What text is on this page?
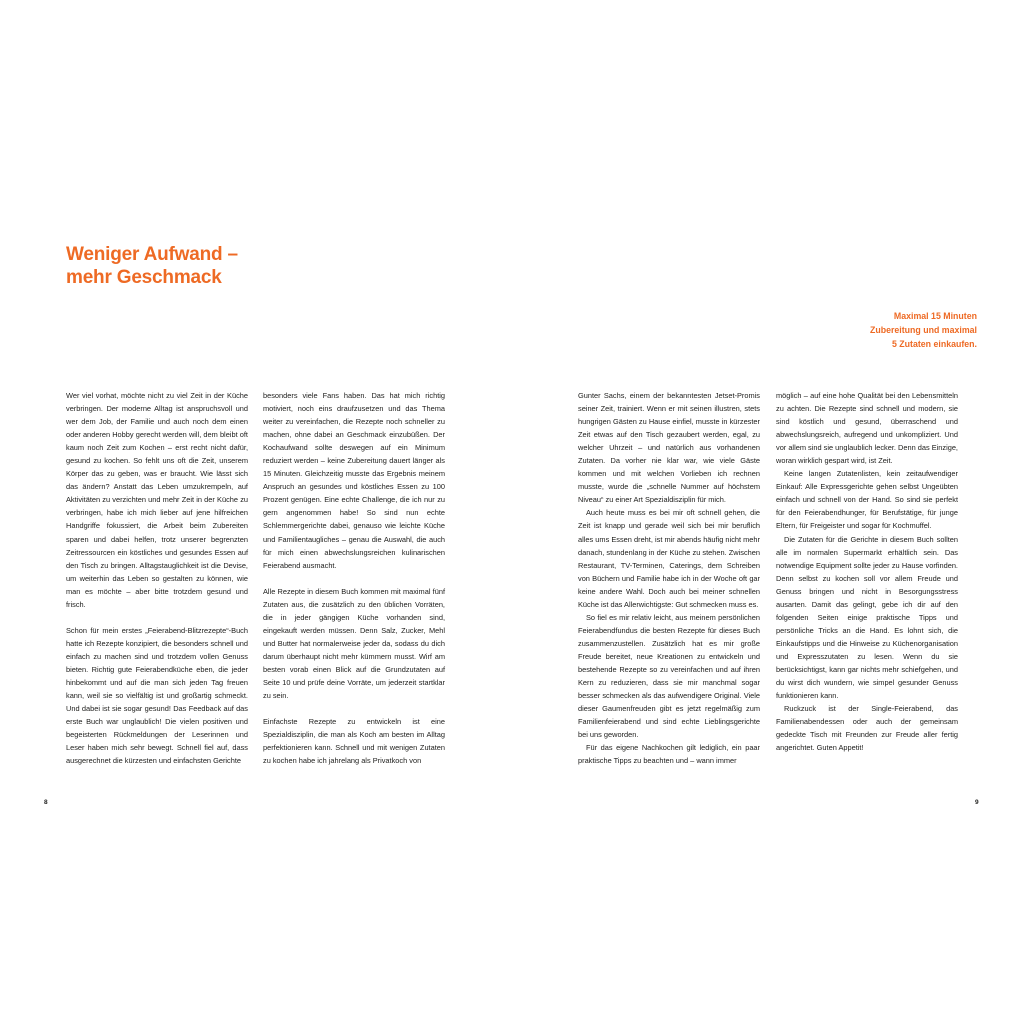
Weniger Aufwand –
mehr Geschmack
Maximal 15 Minuten
Zubereitung und maximal
5 Zutaten einkaufen.

Wer viel vorhat, möchte nicht zu viel Zeit in der Küche verbringen. Der moderne Alltag ist anspruchsvoll und wer dem Job, der Familie und auch noch dem einen oder anderen Hobby gerecht werden will, dem bleibt oft kaum noch Zeit zum Kochen – erst recht nicht dafür, gesund zu kochen. So fehlt uns oft die Zeit, unserem Körper das zu geben, was er braucht. Wie lässt sich das ändern? Anstatt das Leben umzukrempeln, auf Aktivitäten zu verzichten und mehr Zeit in der Küche zu verbringen, habe ich mich lieber auf jene hilfreichen Handgriffe fokussiert, die Arbeit beim Zubereiten sparen und dabei helfen, trotz unserer begrenzten Zeitressourcen ein köstliches und gesundes Essen auf den Tisch zu bringen. Alltagstauglichkeit ist die Devise, um weiterhin das Leben so gestalten zu können, wie man es möchte – aber bitte trotzdem gesund und frisch.

Schon für mein erstes „Feierabend-Blitzrezepte“-Buch hatte ich Rezepte konzipiert, die besonders schnell und einfach zu machen sind und trotzdem vollen Genuss bieten. Richtig gute Feierabendküche eben, die jeder hinbekommt und auf die man sich jeden Tag freuen kann, weil sie so vielfältig ist und großartig schmeckt. Und dabei ist sie sogar gesund! Das Feedback auf das erste Buch war unglaublich! Die vielen positiven und begeisterten Rückmeldungen der Leserinnen und Leser haben mich sehr bewegt. Schnell fiel auf, dass ausgerechnet die kürzesten und einfachsten Gerichte

besonders viele Fans haben. Das hat mich richtig motiviert, noch eins draufzusetzen und das Thema weiter zu vereinfachen, die Rezepte noch schneller zu machen, ohne dabei an Geschmack einzubüßen. Der Kochaufwand sollte deswegen auf ein Minimum reduziert werden – keine Zubereitung dauert länger als 15 Minuten. Gleichzeitig musste das Ergebnis meinem Anspruch an gesundes und köstliches Essen zu 100 Prozent genügen. Eine echte Challenge, die ich nur zu gern angenommen habe! So sind nun echte Schlemmergerichte dabei, genauso wie leichte Küche und Familientaugliches – genau die Auswahl, die auch für mich einen abwechslungsreichen kulinarischen Feierabend ausmacht.

Alle Rezepte in diesem Buch kommen mit maximal fünf Zutaten aus, die zusätzlich zu den üblichen Vorräten, die in jeder gängigen Küche vorhanden sind, eingekauft werden müssen. Denn Salz, Zucker, Mehl und Butter hat normalerweise jeder da, sodass du dich darum überhaupt nicht mehr kümmern musst. Wirf am besten vorab einen Blick auf die Grundzutaten auf Seite 10 und prüfe deine Vorräte, um jederzeit startklar zu sein.

Einfachste Rezepte zu entwickeln ist eine Spezialdisziplin, die man als Koch am besten im Alltag perfektionieren kann. Schnell und mit wenigen Zutaten zu kochen habe ich jahrelang als Privatkoch von

Gunter Sachs, einem der bekanntesten Jetset-Promis seiner Zeit, trainiert. Wenn er mit seinen illustren, stets hungrigen Gästen zu Hause einfiel, musste in kürzester Zeit etwas auf den Tisch gezaubert werden, egal, zu welcher Uhrzeit – und natürlich aus vorhandenen Zutaten. Da vorher nie klar war, wie viele Gäste kommen und mit welchen Vorlieben ich rechnen musste, wurde die „schnelle Nummer auf höchstem Niveau“ zu einer Art Spezialdisziplin für mich.

Auch heute muss es bei mir oft schnell gehen, die Zeit ist knapp und gerade weil sich bei mir beruflich alles ums Essen dreht, ist mir abends häufig nicht mehr danach, stundenlang in der Küche zu stehen. Zwischen Restaurant, TV-Terminen, Caterings, dem Schreiben von Büchern und Familie habe ich in der Woche oft gar keine andere Wahl. Doch auch bei meiner schnellen Küche ist das Allerwichtigste: Gut schmecken muss es.

So fiel es mir relativ leicht, aus meinem persönlichen Feierabendfundus die besten Rezepte für dieses Buch zusammenzustellen. Zusätzlich hat es mir große Freude bereitet, neue Kreationen zu entwickeln und bestehende Rezepte so zu vereinfachen und auf ihren Kern zu reduzieren, dass sie mir manchmal sogar besser schmecken als das aufwendigere Original. Viele dieser Gaumenfreuden gibt es jetzt regelmäßig zum Familienfeierabend und sind echte Lieblingsgerichte bei uns geworden.

Für das eigene Nachkochen gilt lediglich, ein paar praktische Tipps zu beachten und – wann immer

möglich – auf eine hohe Qualität bei den Lebensmitteln zu achten. Die Rezepte sind schnell und modern, sie sind köstlich und gesund, überraschend und abwechslungsreich, aufregend und unkompliziert. Und vor allem sind sie unglaublich lecker. Denn das Einzige, woran wirklich gespart wird, ist Zeit.

Keine langen Zutatenlisten, kein zeitaufwendiger Einkauf: Alle Expressgerichte gehen selbst Ungeübten einfach und schnell von der Hand. So sind sie perfekt für den Feierabendhunger, für Berufstätige, für junge Eltern, für Freigeister und sogar für Kochmuffel.

Die Zutaten für die Gerichte in diesem Buch sollten alle im normalen Supermarkt erhältlich sein. Das notwendige Equipment sollte jeder zu Hause vorfinden. Denn selbst zu kochen soll vor allem Freude und Genuss bringen und nicht in Besorgungsstress ausarten. Damit das gelingt, gebe ich dir auf den folgenden Seiten einige praktische Tipps und persönliche Tricks an die Hand. Es lohnt sich, die Einkaufstipps und die Hinweise zu Küchenorganisation und Expresszutaten zu lesen. Wenn du sie berücksichtigst, kann gar nichts mehr schiefgehen, und du wirst dich wundern, wie simpel gesunder Genuss funktionieren kann.

Ruckzuck ist der Single-Feierabend, das Familienabendessen oder auch der gemeinsam gedeckte Tisch mit Freunden zur Freude aller fertig angerichtet. Guten Appetit!

8	9
